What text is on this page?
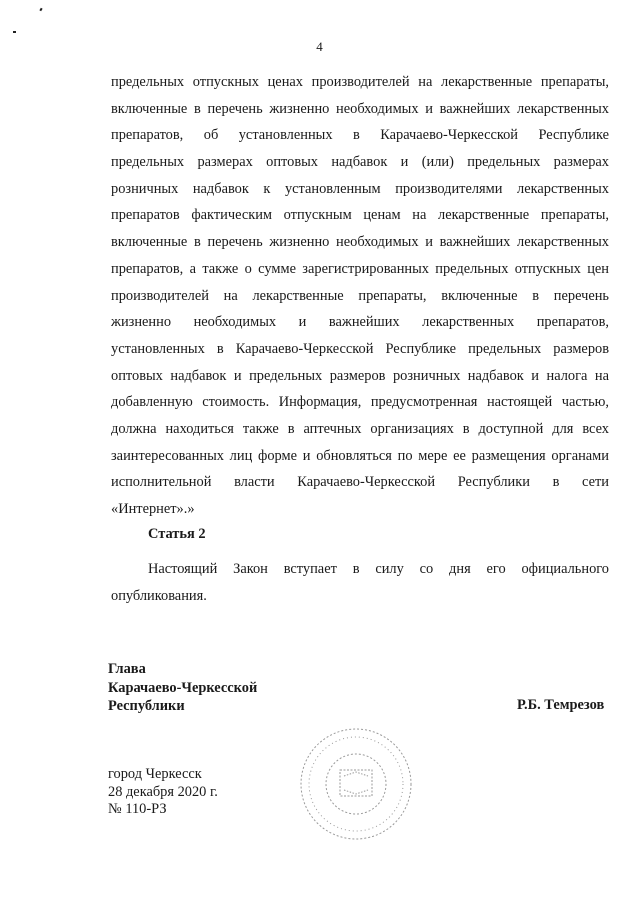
4
предельных отпускных ценах производителей на лекарственные препараты,
включенные в перечень жизненно необходимых и важнейших лекарственных
препаратов, об установленных в Карачаево-Черкесской Республике
предельных размерах оптовых надбавок и (или) предельных размерах
розничных надбавок к установленным производителями лекарственных
препаратов фактическим отпускным ценам на лекарственные препараты,
включенные в перечень жизненно необходимых и важнейших лекарственных
препаратов, а также о сумме зарегистрированных предельных отпускных цен
производителей на лекарственные препараты, включенные в перечень
жизненно необходимых и важнейших лекарственных препаратов,
установленных в Карачаево-Черкесской Республике предельных размеров
оптовых надбавок и предельных размеров розничных надбавок и налога на
добавленную стоимость. Информация, предусмотренная настоящей частью,
должна находиться также в аптечных организациях в доступной для всех
заинтересованных лиц форме и обновляться по мере ее размещения органами
исполнительной власти Карачаево-Черкесской Республики в сети
«Интернет».»
Статья 2
Настоящий Закон вступает в силу со дня его официального
опубликования.
Глава
Карачаево-Черкесской
Республики	Р.Б. Темрезов
город Черкесск
28 декабря 2020 г.
№ 110-РЗ
